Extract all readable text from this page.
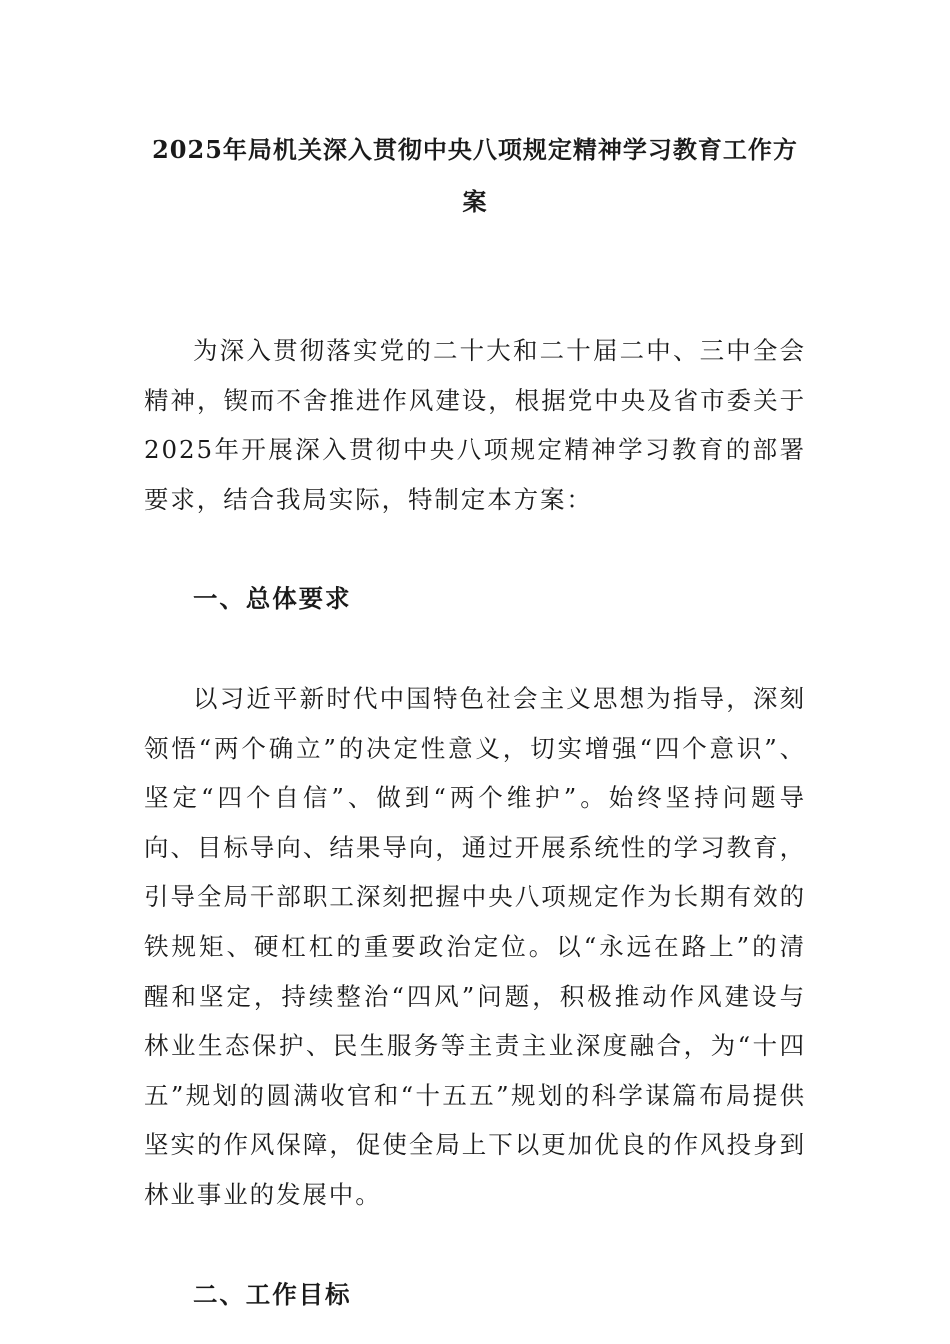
2025年局机关深入贯彻中央八项规定精神学习教育工作方
案

为深入贯彻落实党的二十大和二十届二中、三中全会精神，锲而不舍推进作风建设，根据党中央及省市委关于2025年开展深入贯彻中央八项规定精神学习教育的部署要求，结合我局实际，特制定本方案：

一、总体要求

以习近平新时代中国特色社会主义思想为指导，深刻领悟“两个确立”的决定性意义，切实增强“四个意识”、坚定“四个自信”、做到“两个维护”。始终坚持问题导向、目标导向、结果导向，通过开展系统性的学习教育，引导全局干部职工深刻把握中央八项规定作为长期有效的铁规矩、硬杠杠的重要政治定位。以“永远在路上”的清醒和坚定，持续整治“四风”问题，积极推动作风建设与林业生态保护、民生服务等主责主业深度融合，为“十四五”规划的圆满收官和“十五五”规划的科学谋篇布局提供坚实的作风保障，促使全局上下以更加优良的作风投身到林业事业的发展中。

二、工作目标
